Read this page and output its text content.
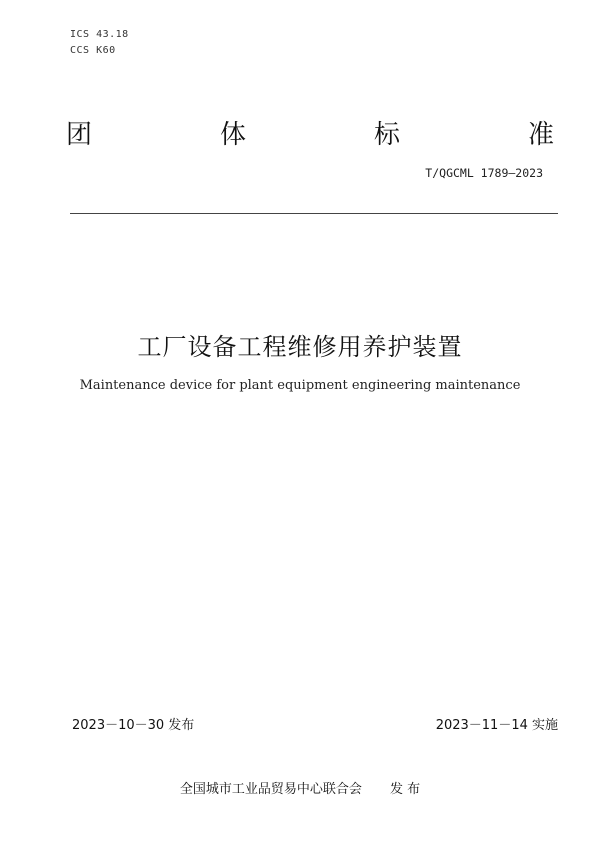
ICS 43.18
CCS K60
团	体	标	准
T/QGCML 1789—2023
工厂设备工程维修用养护装置
Maintenance device for plant equipment engineering maintenance
2023－10－30 发布	2023－11－14 实施
全国城市工业品贸易中心联合会 发 布
